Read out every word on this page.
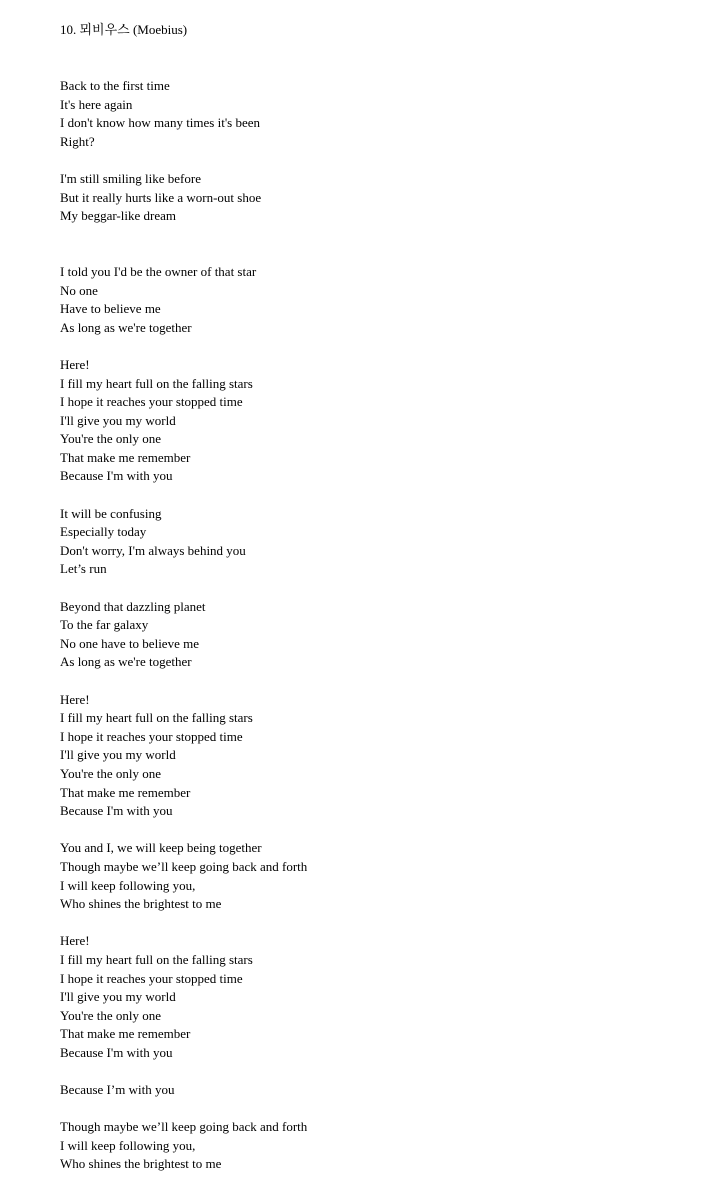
10. 뫼비우스 (Moebius)

Back to the first time
It's here again
I don't know how many times it's been
Right?
I'm still smiling like before
But it really hurts like a worn-out shoe
My beggar-like dream
I told you I'd be the owner of that star
No one
Have to believe me
As long as we're together
Here!
I fill my heart full on the falling stars
I hope it reaches your stopped time
I'll give you my world
You're the only one
That make me remember
Because I'm with you
It will be confusing
Especially today
Don't worry, I'm always behind you
Let’s run
Beyond that dazzling planet
To the far galaxy
No one have to believe me
As long as we're together
Here!
I fill my heart full on the falling stars
I hope it reaches your stopped time
I'll give you my world
You're the only one
That make me remember
Because I'm with you
You and I, we will keep being together
Though maybe we’ll keep going back and forth
I will keep following you,
Who shines the brightest to me
Here!
I fill my heart full on the falling stars
I hope it reaches your stopped time
I'll give you my world
You're the only one
That make me remember
Because I'm with you
Because I’m with you
Though maybe we’ll keep going back and forth
I will keep following you,
Who shines the brightest to me
